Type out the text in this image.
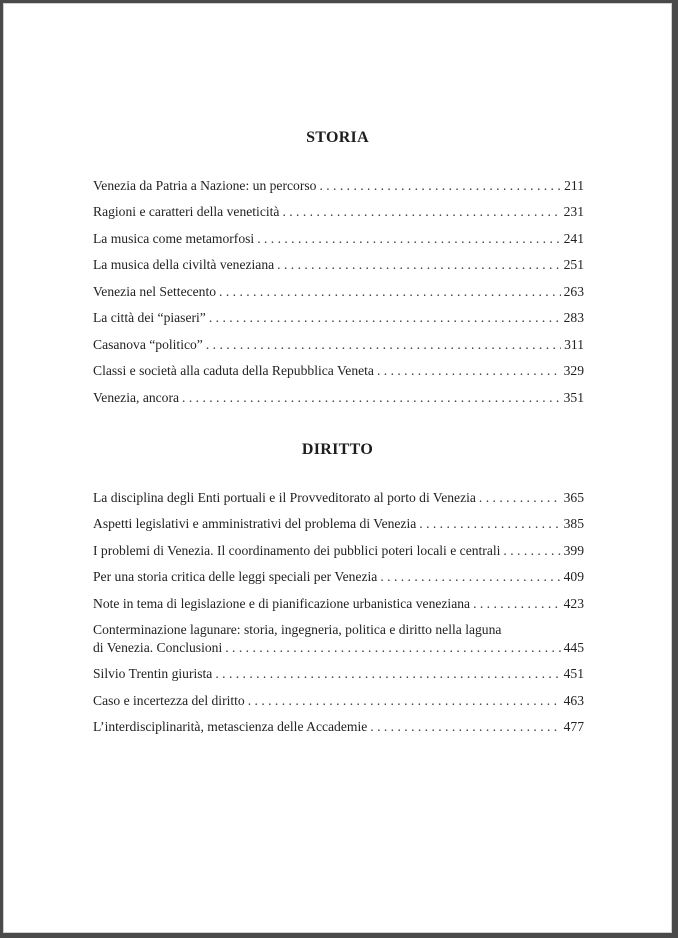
STORIA
Venezia da Patria a Nazione: un percorso . . .	211
Ragioni e caratteri della veneticità . . .	231
La musica come metamorfosi . . .	241
La musica della civiltà veneziana . . .	251
Venezia nel Settecento . . .	263
La città dei “piaseri” . . .	283
Casanova “politico” . . .	311
Classi e società alla caduta della Repubblica Veneta . . .	329
Venezia, ancora . . .	351
DIRITTO
La disciplina degli Enti portuali e il Provveditorato al porto di Venezia . . .	365
Aspetti legislativi e amministrativi del problema di Venezia . . .	385
I problemi di Venezia. Il coordinamento dei pubblici poteri locali e centrali . . .	399
Per una storia critica delle leggi speciali per Venezia . . .	409
Note in tema di legislazione e di pianificazione urbanistica veneziana . . .	423
Conterminazione lagunare: storia, ingegneria, politica e diritto nella laguna
di Venezia. Conclusioni . . .	445
Silvio Trentin giurista . . .	451
Caso e incertezza del diritto . . .	463
L’interdisciplinarità, metascienza delle Accademie . . .	477
